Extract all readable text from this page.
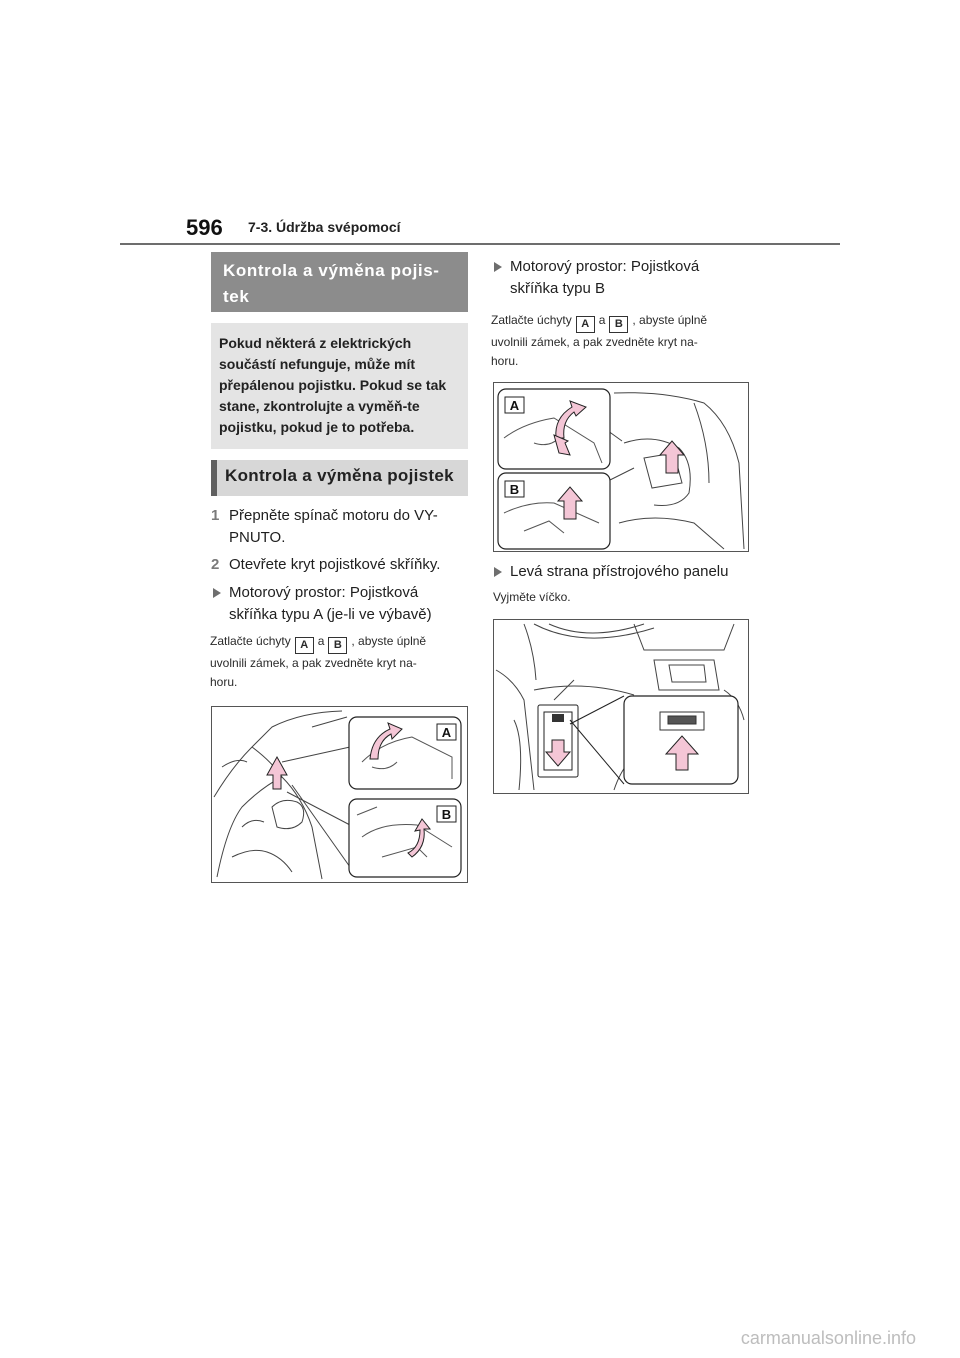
596 7-3. Údržba svépomocí
Kontrola a výměna pojis-
tek
Pokud některá z elektrických součástí nefunguje, může mít přepálenou pojistku. Pokud se tak stane, zkontrolujte a vyměň-te pojistku, pokud je to potřeba.
Kontrola a výměna pojistek
1 Přepněte spínač motoru do VY-
PNUTO.
2 Otevřete kryt pojistkové skříňky.
Motorový prostor: Pojistková
skříňka typu A (je-li ve výbavě)
Zatlačte úchyty A a B , abyste úplně
uvolnili zámek, a pak zvedněte kryt na-
horu.
A
B
Motorový prostor: Pojistková
skříňka typu B
Zatlačte úchyty A a B , abyste úplně
uvolnili zámek, a pak zvedněte kryt na-
horu.
A
B
Levá strana přístrojového panelu
Vyjměte víčko.
carmanualsonline.info
